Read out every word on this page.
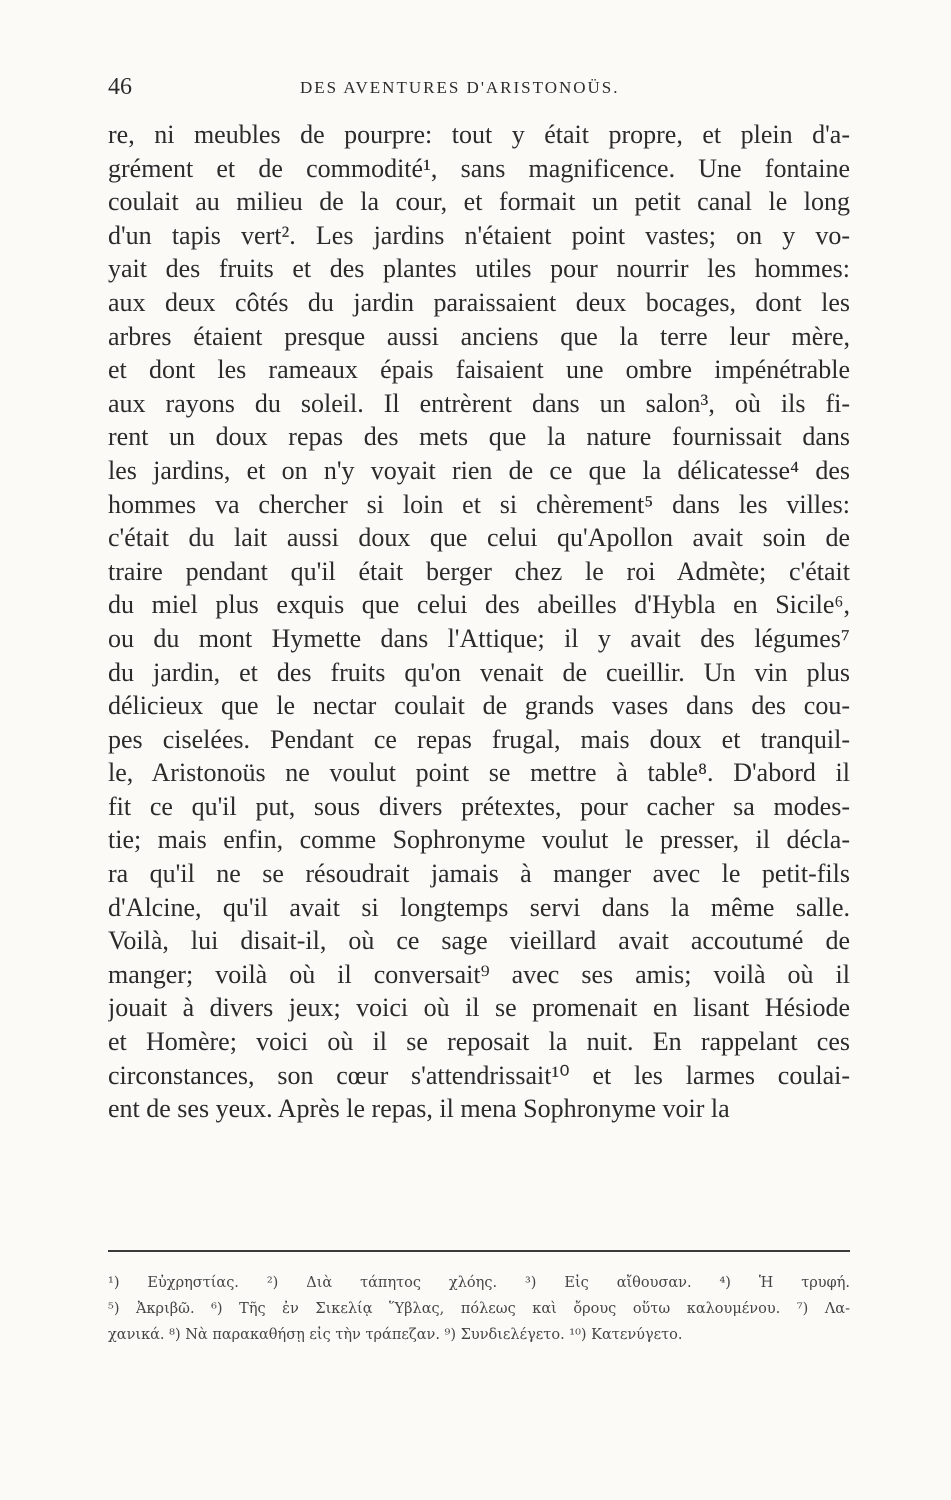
46	DES AVENTURES D'ARISTONOÜS.
re, ni meubles de pourpre: tout y était propre, et plein d'a-
grément et de commodité¹, sans magnificence. Une fontaine
coulait au milieu de la cour, et formait un petit canal le long
d'un tapis vert². Les jardins n'étaient point vastes; on y vo-
yait des fruits et des plantes utiles pour nourrir les hommes:
aux deux côtés du jardin paraissaient deux bocages, dont les
arbres étaient presque aussi anciens que la terre leur mère,
et dont les rameaux épais faisaient une ombre impénétrable
aux rayons du soleil. Il entrèrent dans un salon³, où ils fi-
rent un doux repas des mets que la nature fournissait dans
les jardins, et on n'y voyait rien de ce que la délicatesse⁴ des
hommes va chercher si loin et si chèrement⁵ dans les villes:
c'était du lait aussi doux que celui qu'Apollon avait soin de
traire pendant qu'il était berger chez le roi Admète; c'était
du miel plus exquis que celui des abeilles d'Hybla en Sicile⁶,
ou du mont Hymette dans l'Attique; il y avait des légumes⁷
du jardin, et des fruits qu'on venait de cueillir. Un vin plus
délicieux que le nectar coulait de grands vases dans des cou-
pes ciselées. Pendant ce repas frugal, mais doux et tranquil-
le, Aristonoüs ne voulut point se mettre à table⁸. D'abord il
fit ce qu'il put, sous divers prétextes, pour cacher sa modes-
tie; mais enfin, comme Sophronyme voulut le presser, il décla-
ra qu'il ne se résoudrait jamais à manger avec le petit-fils
d'Alcine, qu'il avait si longtemps servi dans la même salle.
Voilà, lui disait-il, où ce sage vieillard avait accoutumé de
manger; voilà où il conversait⁹ avec ses amis; voilà où il
jouait à divers jeux; voici où il se promenait en lisant Hésiode
et Homère; voici où il se reposait la nuit. En rappelant ces
circonstances, son cœur s'attendrissait¹⁰ et les larmes coulai-
ent de ses yeux. Après le repas, il mena Sophronyme voir la
¹) Εὐχρηστίας. ²) Διὰ τάπητος χλόης. ³) Εἰς αἴθουσαν. ⁴) Ἡ τρυφή.
⁵) Ἀκριβῶ. ⁶) Τῆς ἐν Σικελίᾳ Ὕβλας, πόλεως καὶ ὄρους οὕτω καλουμένου. ⁷) Λα-
χανικά. ⁸) Νὰ παρακαθήσῃ εἰς τὴν τράπεζαν. ⁹) Συνδιελέγετο. ¹⁰) Κατενύγετο.
